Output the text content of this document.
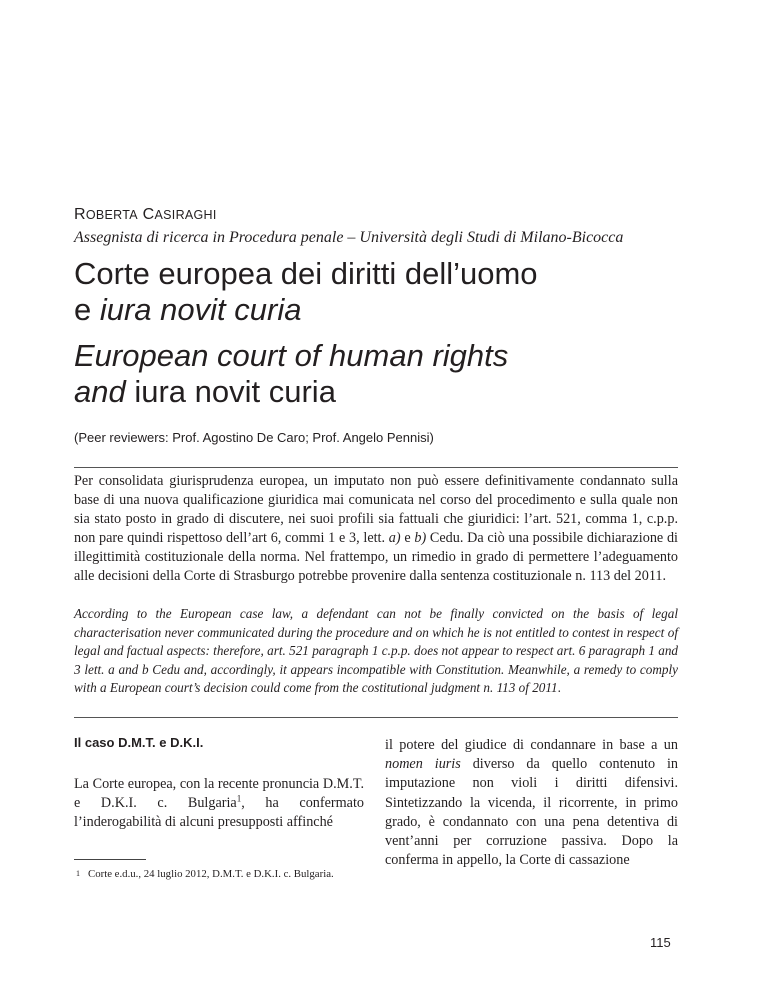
ROBERTA CASIRAGHI
Assegnista di ricerca in Procedura penale – Università degli Studi di Milano-Bicocca
Corte europea dei diritti dell’uomo
e iura novit curia
European court of human rights
and iura novit curia
(Peer reviewers: Prof. Agostino De Caro; Prof. Angelo Pennisi)
Per consolidata giurisprudenza europea, un imputato non può essere definitivamente condannato sulla base di una nuova qualificazione giuridica mai comunicata nel corso del procedimento e sulla quale non sia stato posto in grado di discutere, nei suoi profili sia fattuali che giuridici: l’art. 521, comma 1, c.p.p. non pare quindi rispettoso dell’art 6, commi 1 e 3, lett. a) e b) Cedu. Da ciò una possibile dichiarazione di illegittimità costituzionale della norma. Nel frattempo, un rimedio in grado di permettere l’adeguamento alle decisioni della Corte di Strasburgo potrebbe provenire dalla sentenza costituzionale n. 113 del 2011.
According to the European case law, a defendant can not be finally convicted on the basis of legal characterisation never communicated during the procedure and on which he is not entitled to contest in respect of legal and factual aspects: therefore, art. 521 paragraph 1 c.p.p. does not appear to respect art. 6 paragraph 1 and 3 lett. a and b Cedu and, accordingly, it appears incompatible with Constitution. Meanwhile, a remedy to comply with a European court’s decision could come from the costitutional judgment n. 113 of 2011.
Il caso D.M.T. e D.K.I.

La Corte europea, con la recente pronuncia D.M.T. e D.K.I. c. Bulgaria$^1$, ha confermato l’inderogabilità di alcuni presupposti affinché

1 Corte e.d.u., 24 luglio 2012, D.M.T. e D.K.I. c. Bulgaria.

il potere del giudice di condannare in base a un nomen iuris diverso da quello contenuto in imputazione non violi i diritti difensivi. Sintetizzando la vicenda, il ricorrente, in primo grado, è condannato con una pena detentiva di vent’anni per corruzione passiva. Dopo la conferma in appello, la Corte di cassazione

115
